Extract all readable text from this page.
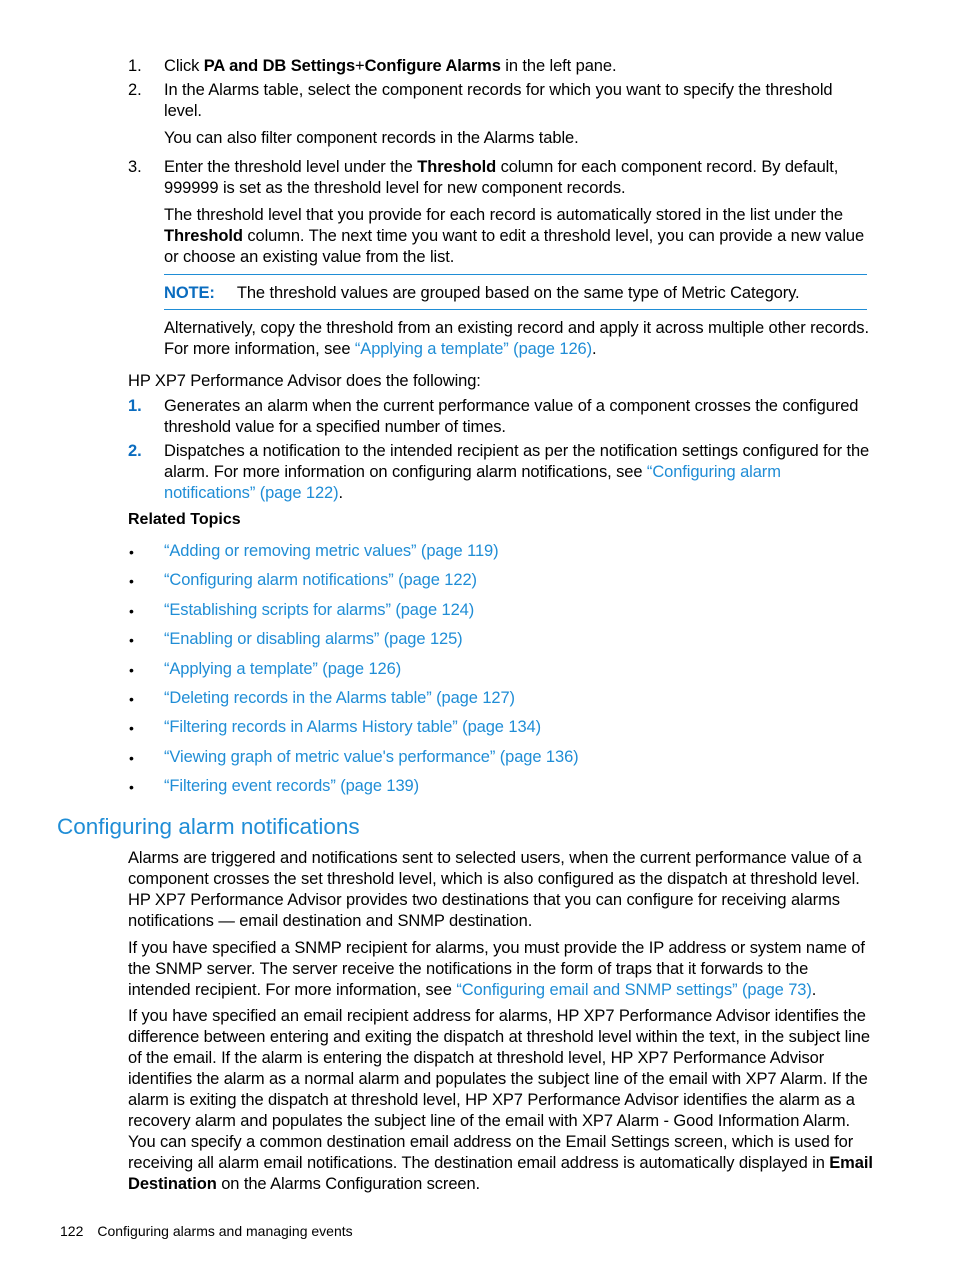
1.	Click PA and DB Settings+Configure Alarms in the left pane.
2.	In the Alarms table, select the component records for which you want to specify the threshold level.
You can also filter component records in the Alarms table.
3.	Enter the threshold level under the Threshold column for each component record. By default, 999999 is set as the threshold level for new component records.
The threshold level that you provide for each record is automatically stored in the list under the Threshold column. The next time you want to edit a threshold level, you can provide a new value or choose an existing value from the list.
NOTE: The threshold values are grouped based on the same type of Metric Category.
Alternatively, copy the threshold from an existing record and apply it across multiple other records. For more information, see “Applying a template” (page 126).
HP XP7 Performance Advisor does the following:
1.	Generates an alarm when the current performance value of a component crosses the configured threshold value for a specified number of times.
2.	Dispatches a notification to the intended recipient as per the notification settings configured for the alarm. For more information on configuring alarm notifications, see “Configuring alarm notifications” (page 122).
Related Topics
• “Adding or removing metric values” (page 119)
• “Configuring alarm notifications” (page 122)
• “Establishing scripts for alarms” (page 124)
• “Enabling or disabling alarms” (page 125)
• “Applying a template” (page 126)
• “Deleting records in the Alarms table” (page 127)
• “Filtering records in Alarms History table” (page 134)
• “Viewing graph of metric value's performance” (page 136)
• “Filtering event records” (page 139)
Configuring alarm notifications
Alarms are triggered and notifications sent to selected users, when the current performance value of a component crosses the set threshold level, which is also configured as the dispatch at threshold level. HP XP7 Performance Advisor provides two destinations that you can configure for receiving alarms notifications — email destination and SNMP destination.
If you have specified a SNMP recipient for alarms, you must provide the IP address or system name of the SNMP server. The server receive the notifications in the form of traps that it forwards to the intended recipient. For more information, see “Configuring email and SNMP settings” (page 73).
If you have specified an email recipient address for alarms, HP XP7 Performance Advisor identifies the difference between entering and exiting the dispatch at threshold level within the text, in the subject line of the email. If the alarm is entering the dispatch at threshold level, HP XP7 Performance Advisor identifies the alarm as a normal alarm and populates the subject line of the email with XP7 Alarm. If the alarm is exiting the dispatch at threshold level, HP XP7 Performance Advisor identifies the alarm as a recovery alarm and populates the subject line of the email with XP7 Alarm - Good Information Alarm. You can specify a common destination email address on the Email Settings screen, which is used for receiving all alarm email notifications. The destination email address is automatically displayed in Email Destination on the Alarms Configuration screen.
122 Configuring alarms and managing events
